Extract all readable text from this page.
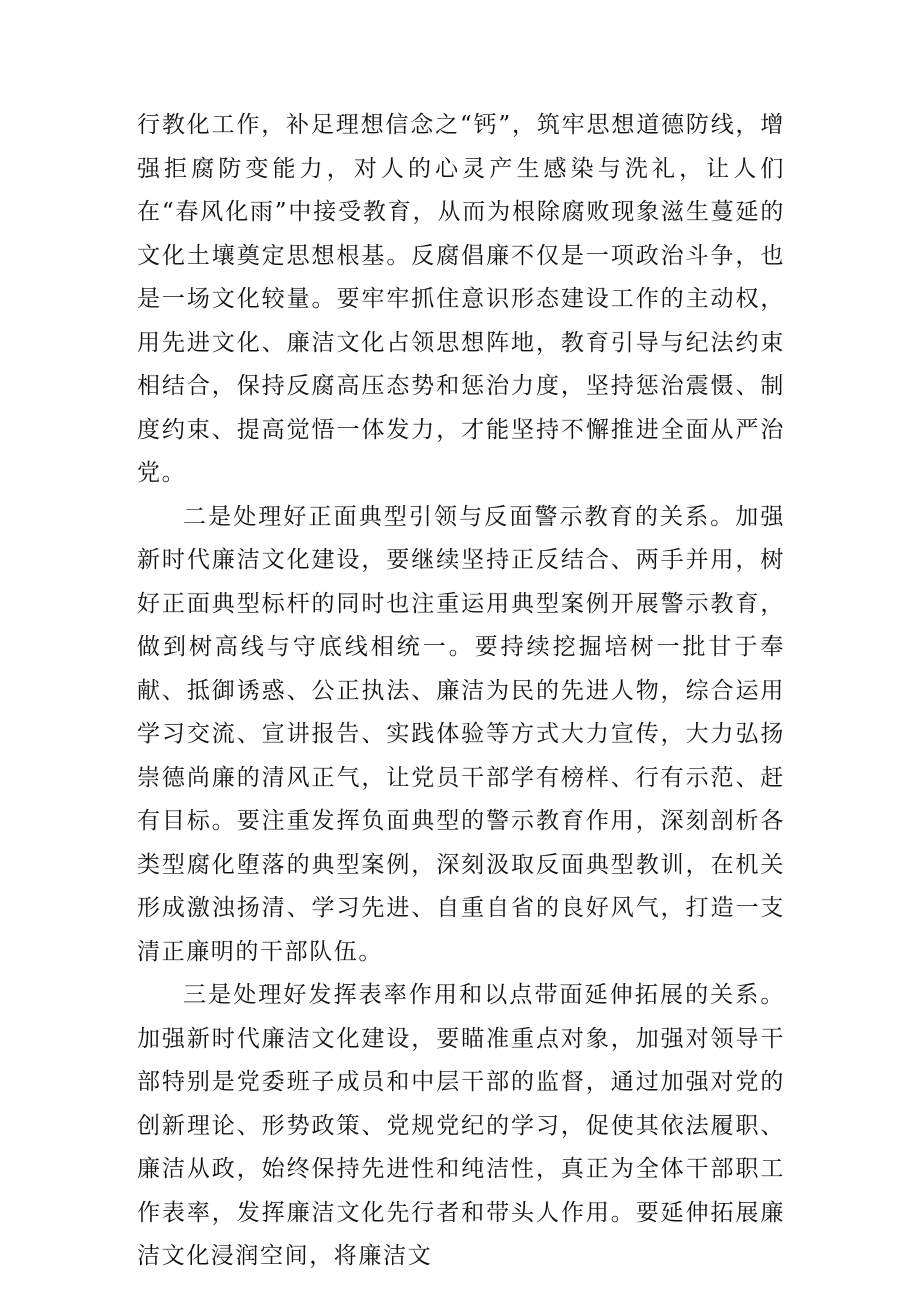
行教化工作，补足理想信念之“钙”，筑牢思想道德防线，增强拒腐防变能力，对人的心灵产生感染与洗礼，让人们在“春风化雨”中接受教育，从而为根除腐败现象滋生蔓延的文化土壤奠定思想根基。反腐倡廉不仅是一项政治斗争，也是一场文化较量。要牢牢抓住意识形态建设工作的主动权，用先进文化、廉洁文化占领思想阵地，教育引导与纪法约束相结合，保持反腐高压态势和惩治力度，坚持惩治震慑、制度约束、提高觉悟一体发力，才能坚持不懈推进全面从严治党。

二是处理好正面典型引领与反面警示教育的关系。加强新时代廉洁文化建设，要继续坚持正反结合、两手并用，树好正面典型标杆的同时也注重运用典型案例开展警示教育，做到树高线与守底线相统一。要持续挖掘培树一批甘于奉献、抵御诱惑、公正执法、廉洁为民的先进人物，综合运用学习交流、宣讲报告、实践体验等方式大力宣传，大力弘扬崇德尚廉的清风正气，让党员干部学有榜样、行有示范、赶有目标。要注重发挥负面典型的警示教育作用，深刻剖析各类型腐化堕落的典型案例，深刻汲取反面典型教训，在机关形成激浊扬清、学习先进、自重自省的良好风气，打造一支清正廉明的干部队伍。

三是处理好发挥表率作用和以点带面延伸拓展的关系。加强新时代廉洁文化建设，要瞄准重点对象，加强对领导干部特别是党委班子成员和中层干部的监督，通过加强对党的创新理论、形势政策、党规党纪的学习，促使其依法履职、廉洁从政，始终保持先进性和纯洁性，真正为全体干部职工作表率，发挥廉洁文化先行者和带头人作用。要延伸拓展廉洁文化浸润空间，将廉洁文
